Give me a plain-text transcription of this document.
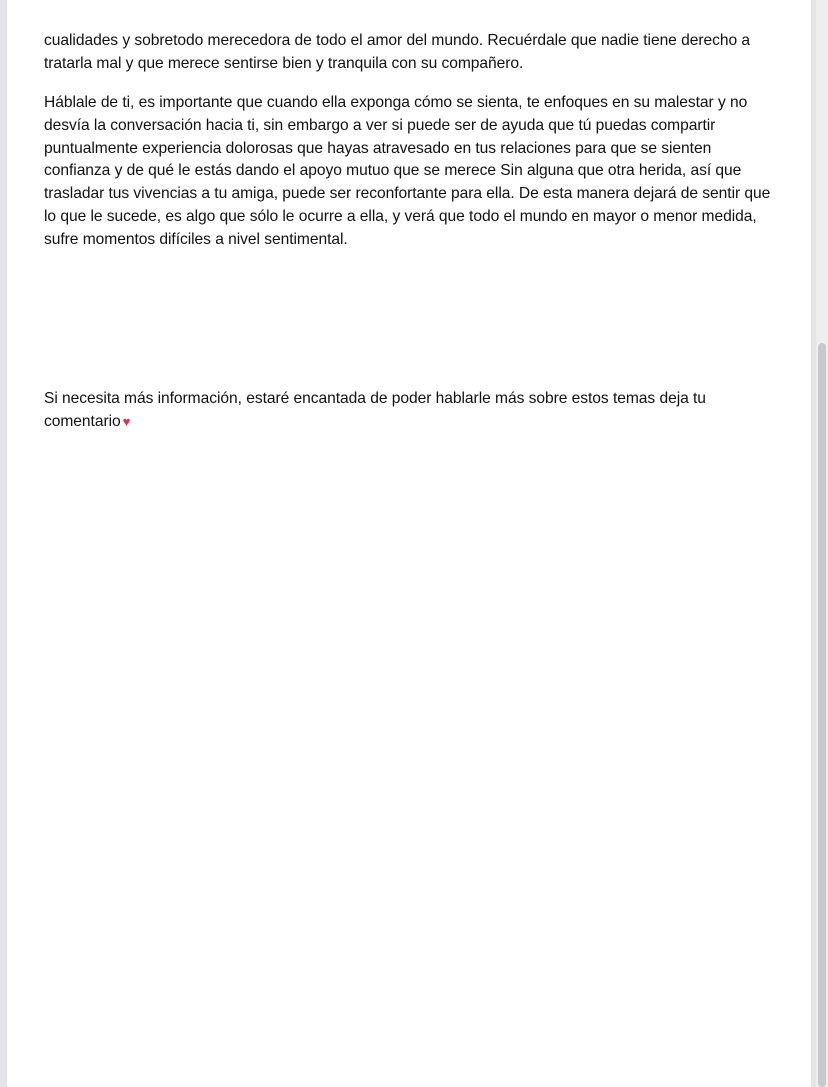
cualidades y sobretodo merecedora de todo el amor del mundo. Recuérdale que nadie tiene derecho a
tratarla mal y que merece sentirse bien y tranquila con su compañero.
Háblale de ti, es importante que cuando ella exponga cómo se sienta, te enfoques en su malestar y no
desvía la conversación hacia ti, sin embargo a ver si puede ser de ayuda que tú puedas compartir
puntualmente experiencia dolorosas que hayas atravesado en tus relaciones para que se sienten
confianza y de qué le estás dando el apoyo mutuo que se merece Sin alguna que otra herida, así que
trasladar tus vivencias a tu amiga, puede ser reconfortante para ella. De esta manera dejará de sentir que
lo que le sucede, es algo que sólo le ocurre a ella, y verá que todo el mundo en mayor o menor medida,
sufre momentos difíciles a nivel sentimental.
Si necesita más información, estaré encantada de poder hablarle más sobre estos temas deja tu
comentario ♥
